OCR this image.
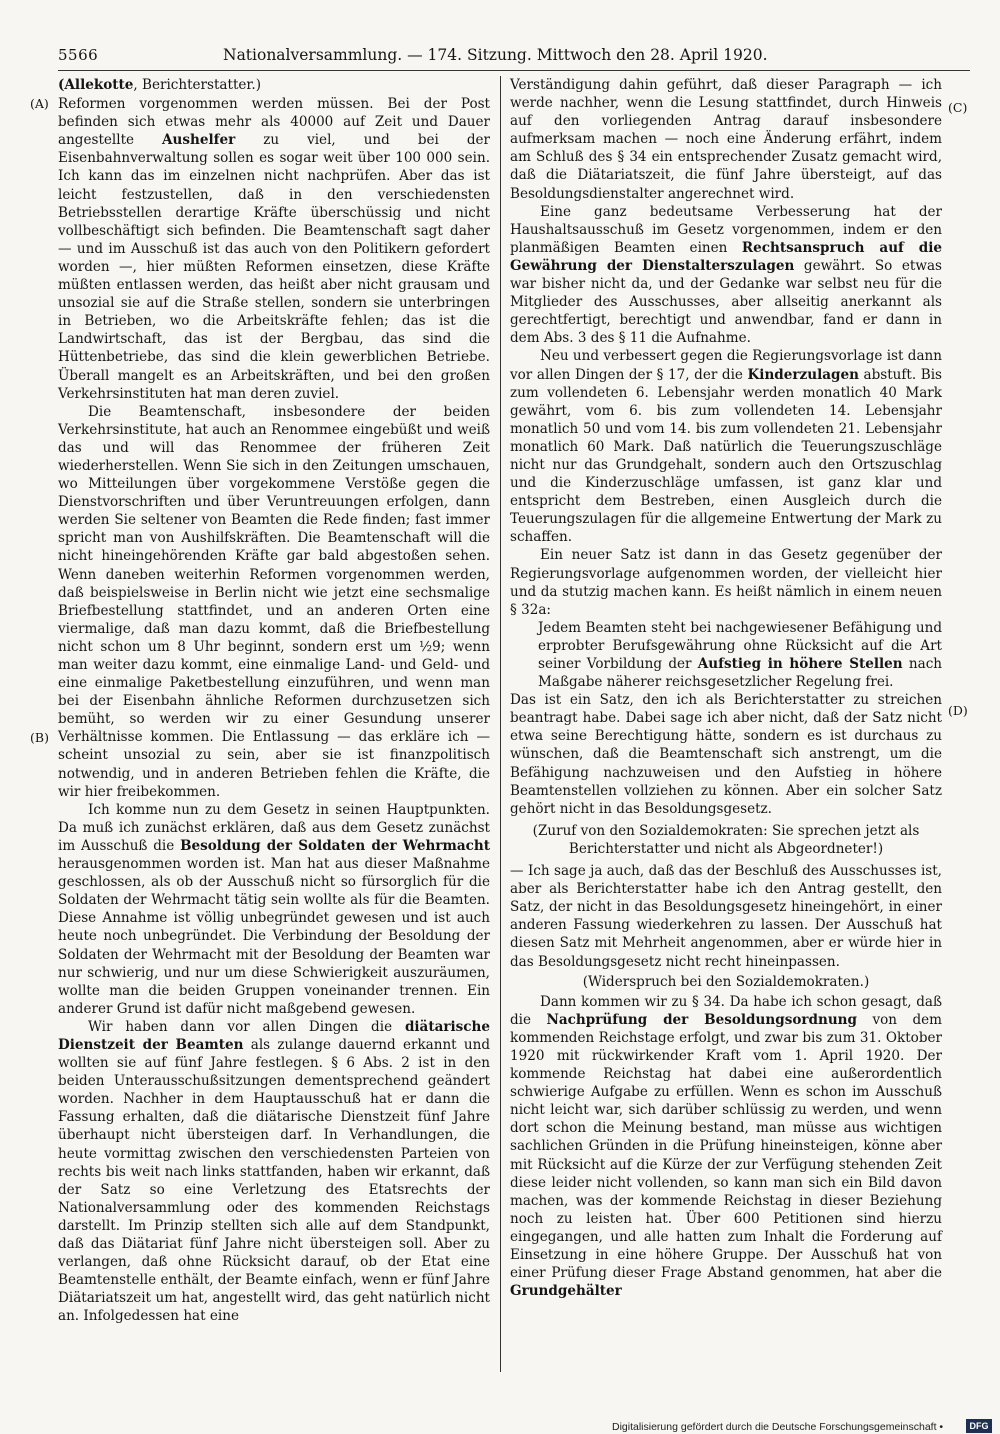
5566	Nationalversammlung. — 174. Sitzung. Mittwoch den 28. April 1920.
(A)
(B)
(C)
(D)
(Allekotte, Berichterstatter.)

Reformen vorgenommen werden müssen. Bei der Post befinden sich etwas mehr als 40000 auf Zeit und Dauer angestellte Aushelfer zu viel, und bei der Eisenbahnverwaltung sollen es sogar weit über 100 000 sein. Ich kann das im einzelnen nicht nachprüfen. Aber das ist leicht festzustellen, daß in den verschiedensten Betriebsstellen derartige Kräfte überschüssig und nicht vollbeschäftigt sich befinden. Die Beamtenschaft sagt daher — und im Ausschuß ist das auch von den Politikern gefordert worden —, hier müßten Reformen einsetzen, diese Kräfte müßten entlassen werden, das heißt aber nicht grausam und unsozial sie auf die Straße stellen, sondern sie unterbringen in Betrieben, wo die Arbeitskräfte fehlen; das ist die Landwirtschaft, das ist der Bergbau, das sind die Hüttenbetriebe, das sind die klein gewerblichen Betriebe. Überall mangelt es an Arbeitskräften, und bei den großen Verkehrsinstituten hat man deren zuviel.

Die Beamtenschaft, insbesondere der beiden Verkehrsinstitute, hat auch an Renommee eingebüßt und weiß das und will das Renommee der früheren Zeit wiederherstellen. Wenn Sie sich in den Zeitungen umschauen, wo Mitteilungen über vorgekommene Verstöße gegen die Dienstvorschriften und über Veruntreuungen erfolgen, dann werden Sie seltener von Beamten die Rede finden; fast immer spricht man von Aushilfskräften. Die Beamtenschaft will die nicht hineingehörenden Kräfte gar bald abgestoßen sehen. Wenn daneben weiterhin Reformen vorgenommen werden, daß beispielsweise in Berlin nicht wie jetzt eine sechsmalige Briefbestellung stattfindet, und an anderen Orten eine viermalige, daß man dazu kommt, daß die Briefbestellung nicht schon um 8 Uhr beginnt, sondern erst um ½9; wenn man weiter dazu kommt, eine einmalige Land- und Geld- und eine einmalige Paketbestellung einzuführen, und wenn man bei der Eisenbahn ähnliche Reformen durchzusetzen sich bemüht, so werden wir zu einer Gesundung unserer Verhältnisse kommen. Die Entlassung — das erkläre ich — scheint unsozial zu sein, aber sie ist finanzpolitisch notwendig, und in anderen Betrieben fehlen die Kräfte, die wir hier freibekommen.

Ich komme nun zu dem Gesetz in seinen Hauptpunkten. Da muß ich zunächst erklären, daß aus dem Gesetz zunächst im Ausschuß die Besoldung der Soldaten der Wehrmacht herausgenommen worden ist. Man hat aus dieser Maßnahme geschlossen, als ob der Ausschuß nicht so fürsorglich für die Soldaten der Wehrmacht tätig sein wollte als für die Beamten. Diese Annahme ist völlig unbegründet gewesen und ist auch heute noch unbegründet. Die Verbindung der Besoldung der Soldaten der Wehrmacht mit der Besoldung der Beamten war nur schwierig, und nur um diese Schwierigkeit auszuräumen, wollte man die beiden Gruppen voneinander trennen. Ein anderer Grund ist dafür nicht maßgebend gewesen.

Wir haben dann vor allen Dingen die diätarische Dienstzeit der Beamten als zulange dauernd erkannt und wollten sie auf fünf Jahre festlegen. § 6 Abs. 2 ist in den beiden Unterausschußsitzungen dementsprechend geändert worden. Nachher in dem Hauptausschuß hat er dann die Fassung erhalten, daß die diätarische Dienstzeit fünf Jahre überhaupt nicht übersteigen darf. In Verhandlungen, die heute vormittag zwischen den verschiedensten Parteien von rechts bis weit nach links stattfanden, haben wir erkannt, daß der Satz so eine Verletzung des Etatsrechts der Nationalversammlung oder des kommenden Reichstags darstellt. Im Prinzip stellten sich alle auf dem Standpunkt, daß das Diätariat fünf Jahre nicht übersteigen soll. Aber zu verlangen, daß ohne Rücksicht darauf, ob der Etat eine Beamtenstelle enthält, der Beamte einfach, wenn er fünf Jahre Diätariatszeit um hat, angestellt wird, das geht natürlich nicht an. Infolgedessen hat eine

Verständigung dahin geführt, daß dieser Paragraph — ich werde nachher, wenn die Lesung stattfindet, durch Hinweis auf den vorliegenden Antrag darauf insbesondere aufmerksam machen — noch eine Änderung erfährt, indem am Schluß des § 34 ein entsprechender Zusatz gemacht wird, daß die Diätariatszeit, die fünf Jahre übersteigt, auf das Besoldungsdienstalter angerechnet wird.

Eine ganz bedeutsame Verbesserung hat der Haushaltsausschuß im Gesetz vorgenommen, indem er den planmäßigen Beamten einen Rechtsanspruch auf die Gewährung der Dienstalterszulagen gewährt. So etwas war bisher nicht da, und der Gedanke war selbst neu für die Mitglieder des Ausschusses, aber allseitig anerkannt als gerechtfertigt, berechtigt und anwendbar, fand er dann in dem Abs. 3 des § 11 die Aufnahme.

Neu und verbessert gegen die Regierungsvorlage ist dann vor allen Dingen der § 17, der die Kinderzulagen abstuft. Bis zum vollendeten 6. Lebensjahr werden monatlich 40 Mark gewährt, vom 6. bis zum vollendeten 14. Lebensjahr monatlich 50 und vom 14. bis zum vollendeten 21. Lebensjahr monatlich 60 Mark. Daß natürlich die Teuerungszuschläge nicht nur das Grundgehalt, sondern auch den Ortszuschlag und die Kinderzuschläge umfassen, ist ganz klar und entspricht dem Bestreben, einen Ausgleich durch die Teuerungszulagen für die allgemeine Entwertung der Mark zu schaffen.

Ein neuer Satz ist dann in das Gesetz gegenüber der Regierungsvorlage aufgenommen worden, der vielleicht hier und da stutzig machen kann. Es heißt nämlich in einem neuen § 32a:

Jedem Beamten steht bei nachgewiesener Befähigung und erprobter Berufsgewährung ohne Rücksicht auf die Art seiner Vorbildung der Aufstieg in höhere Stellen nach Maßgabe näherer reichsgesetzlicher Regelung frei.

Das ist ein Satz, den ich als Berichterstatter zu streichen beantragt habe. Dabei sage ich aber nicht, daß der Satz nicht etwa seine Berechtigung hätte, sondern es ist durchaus zu wünschen, daß die Beamtenschaft sich anstrengt, um die Befähigung nachzuweisen und den Aufstieg in höhere Beamtenstellen vollziehen zu können. Aber ein solcher Satz gehört nicht in das Besoldungsgesetz.

(Zuruf von den Sozialdemokraten: Sie sprechen jetzt als Berichterstatter und nicht als Abgeordneter!)

— Ich sage ja auch, daß das der Beschluß des Ausschusses ist, aber als Berichterstatter habe ich den Antrag gestellt, den Satz, der nicht in das Besoldungsgesetz hineingehört, in einer anderen Fassung wiederkehren zu lassen. Der Ausschuß hat diesen Satz mit Mehrheit angenommen, aber er würde hier in das Besoldungsgesetz nicht recht hineinpassen.

(Widerspruch bei den Sozialdemokraten.)

Dann kommen wir zu § 34. Da habe ich schon gesagt, daß die Nachprüfung der Besoldungsordnung von dem kommenden Reichstage erfolgt, und zwar bis zum 31. Oktober 1920 mit rückwirkender Kraft vom 1. April 1920. Der kommende Reichstag hat dabei eine außerordentlich schwierige Aufgabe zu erfüllen. Wenn es schon im Ausschuß nicht leicht war, sich darüber schlüssig zu werden, und wenn dort schon die Meinung bestand, man müsse aus wichtigen sachlichen Gründen in die Prüfung hineinsteigen, könne aber mit Rücksicht auf die Kürze der zur Verfügung stehenden Zeit diese leider nicht vollenden, so kann man sich ein Bild davon machen, was der kommende Reichstag in dieser Beziehung noch zu leisten hat. Über 600 Petitionen sind hierzu eingegangen, und alle hatten zum Inhalt die Forderung auf Einsetzung in eine höhere Gruppe. Der Ausschuß hat von einer Prüfung dieser Frage Abstand genommen, hat aber die Grundgehälter

Digitalisierung gefördert durch die Deutsche Forschungsgemeinschaft •	DFG
